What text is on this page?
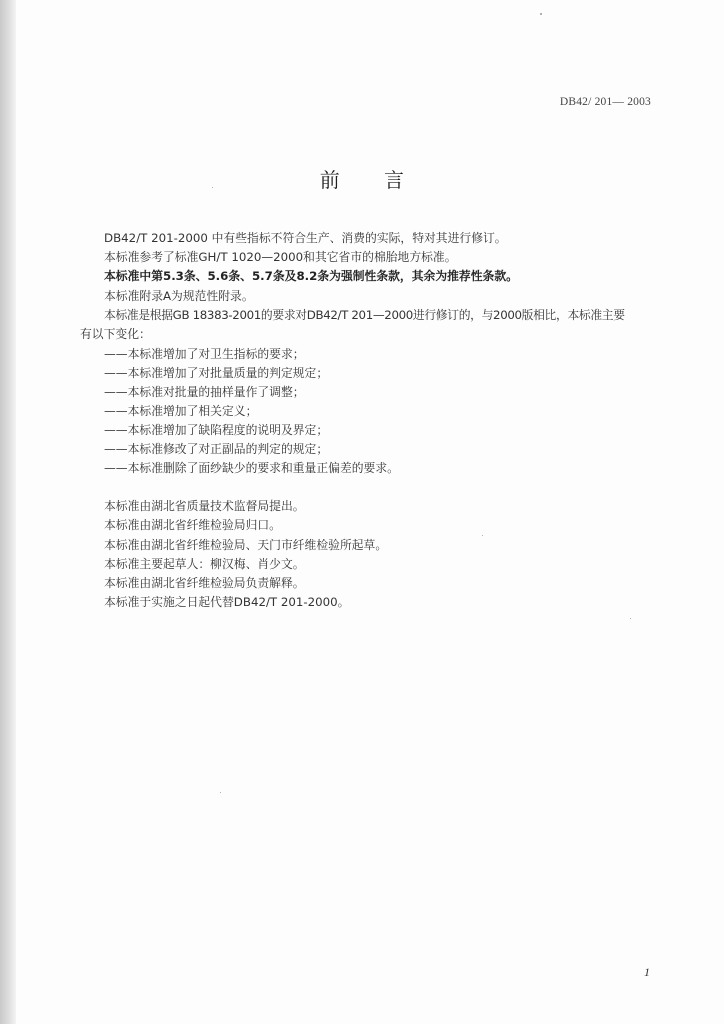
DB42/ 201— 2003
前 言
DB42/T 201-2000 中有些指标不符合生产、消费的实际，特对其进行修订。
本标准参考了标准GH/T 1020—2000和其它省市的棉胎地方标准。
本标准中第5.3条、5.6条、5.7条及8.2条为强制性条款，其余为推荐性条款。
本标准附录A为规范性附录。
本标准是根据GB 18383-2001的要求对DB42/T 201—2000进行修订的，与2000版相比，本标准主要
有以下变化：
——本标准增加了对卫生指标的要求；
——本标准增加了对批量质量的判定规定；
——本标准对批量的抽样量作了调整；
——本标准增加了相关定义；
——本标准增加了缺陷程度的说明及界定；
——本标准修改了对正副品的判定的规定；
——本标准删除了面纱缺少的要求和重量正偏差的要求。
本标准由湖北省质量技术监督局提出。
本标准由湖北省纤维检验局归口。
本标准由湖北省纤维检验局、天门市纤维检验所起草。
本标准主要起草人：柳汉梅、肖少文。
本标准由湖北省纤维检验局负责解释。
本标准于实施之日起代替DB42/T 201-2000。
1
